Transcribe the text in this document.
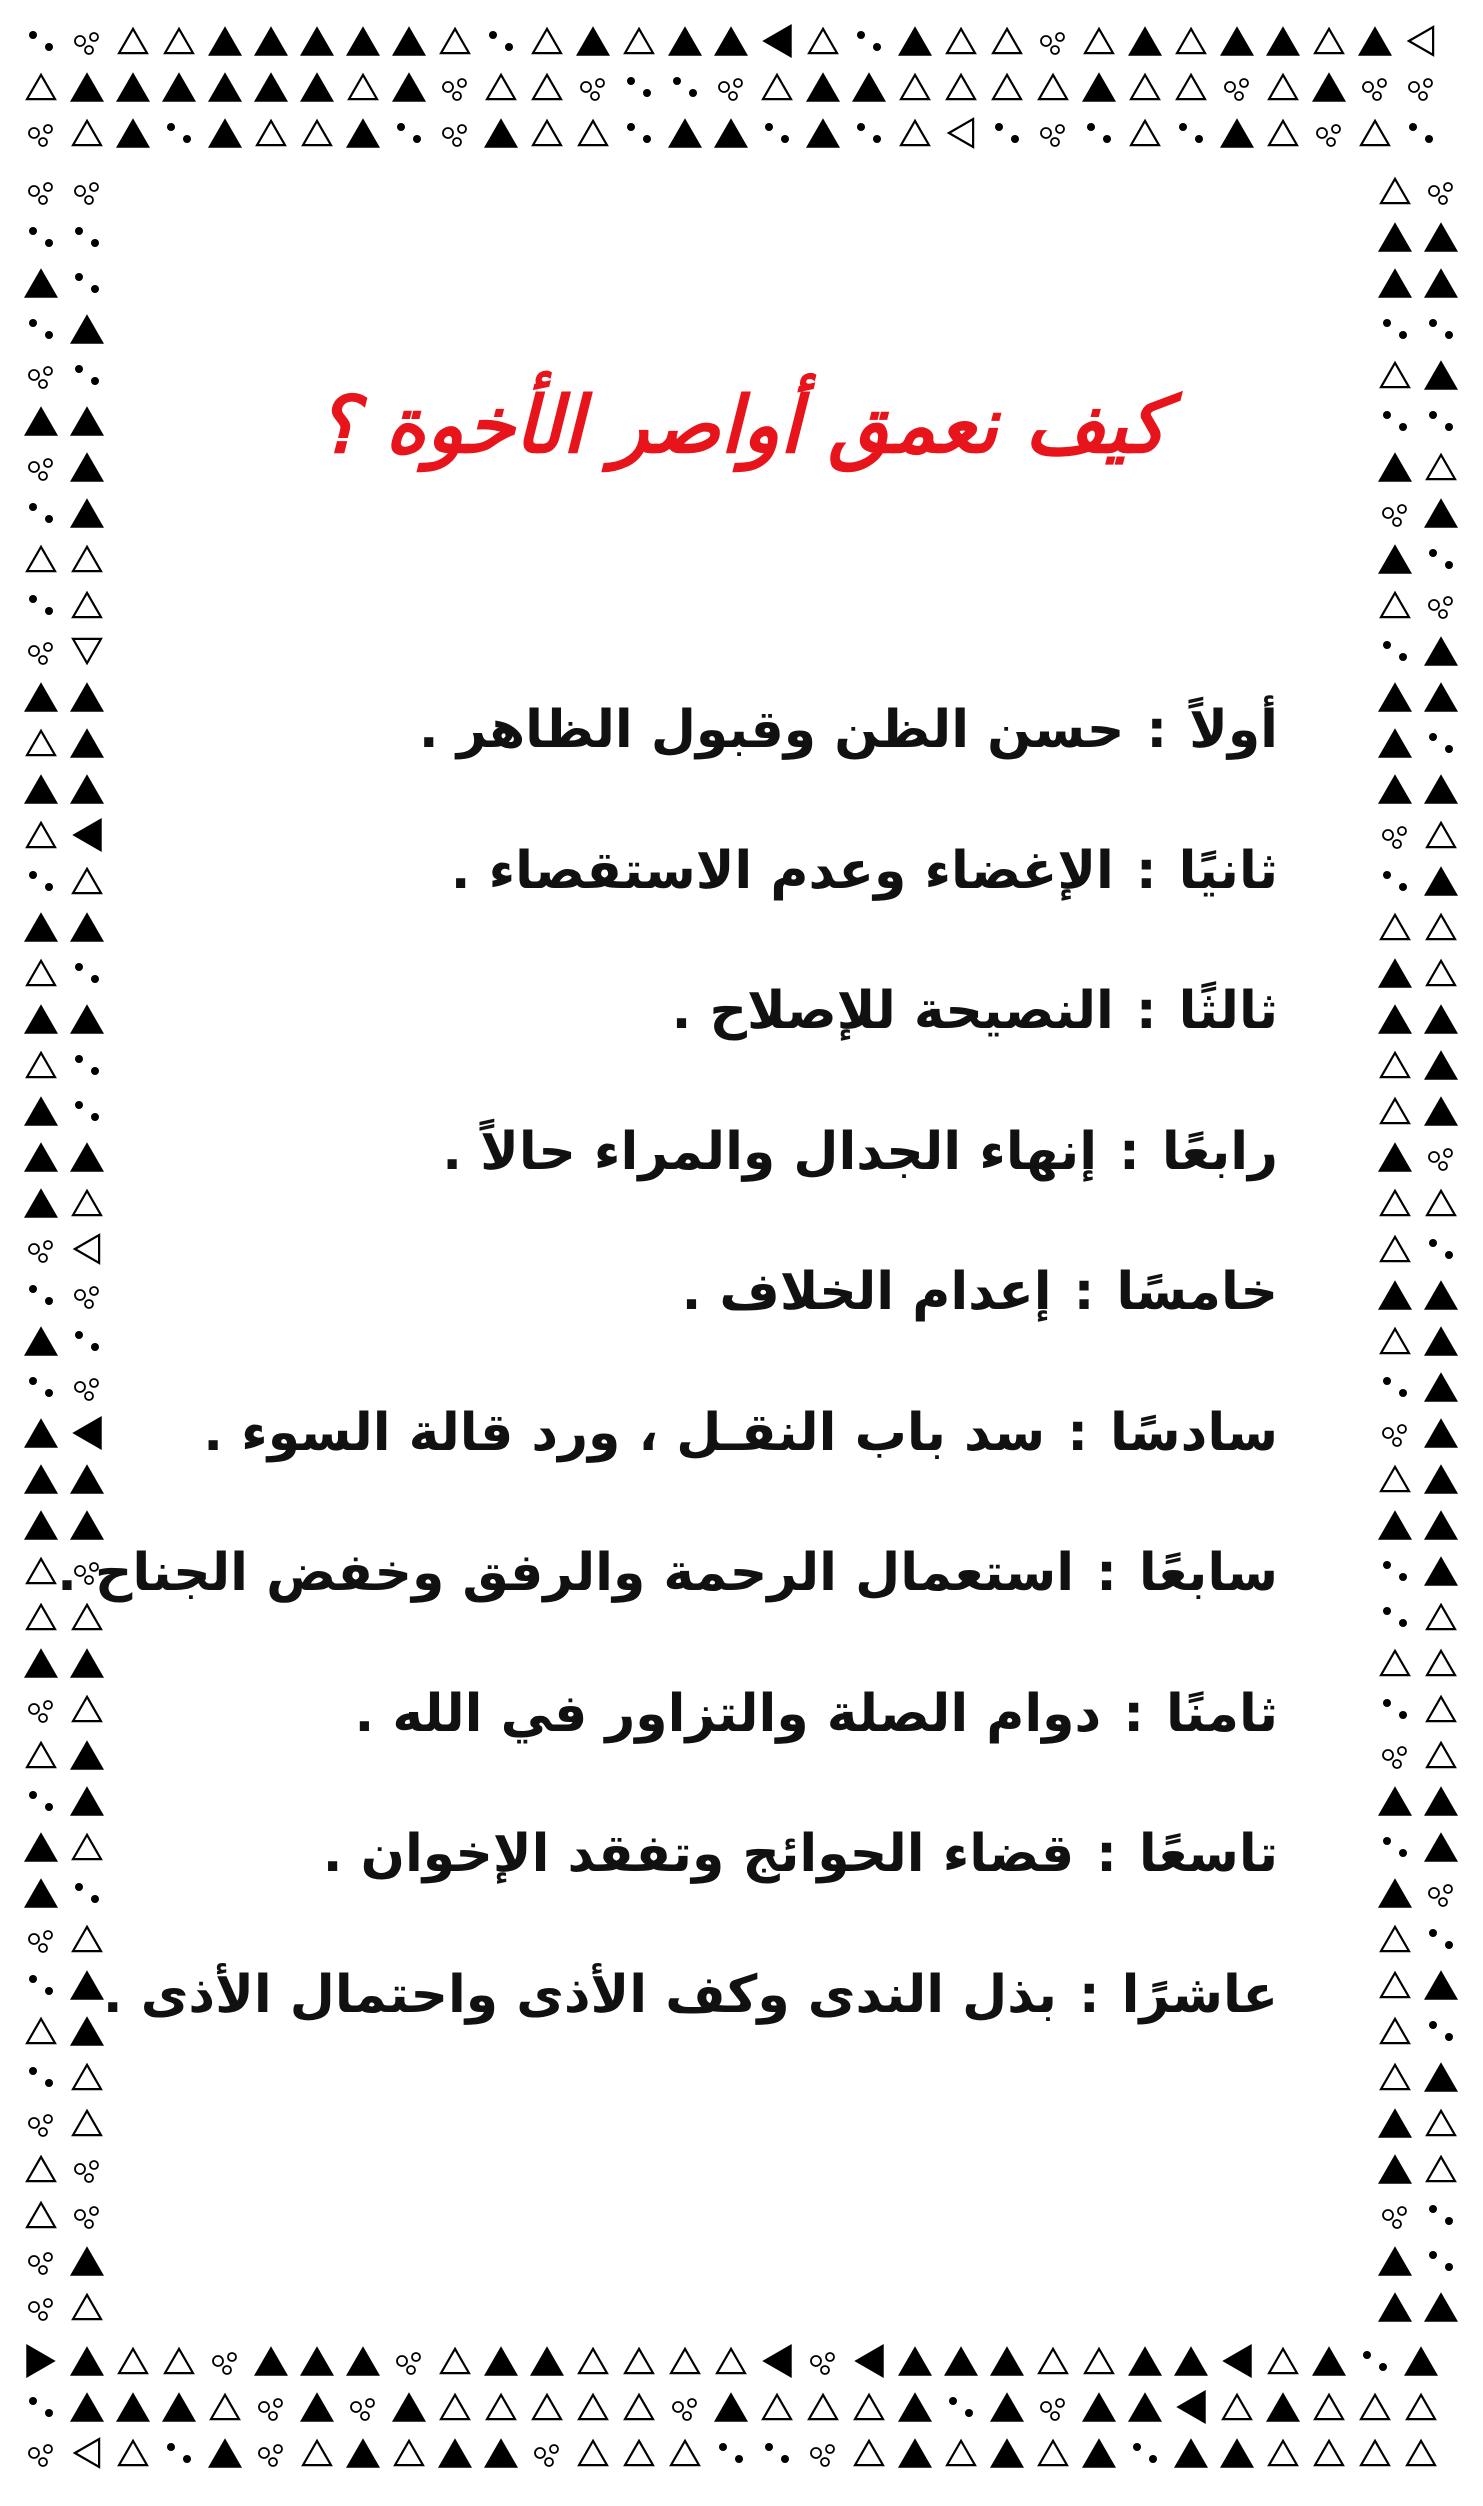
كيف نعمق أواصر الأخوة ؟
أولاً
:
حسن الظن وقبول الظاهر .
ثانيًا
:
الإغضاء وعدم الاستقصاء .
ثالثًا
:
النصيحة للإصلاح .
رابعًا
:
إنهاء الجدال والمراء حالاً .
خامسًا
:
إعدام الخلاف .
سادسًا
:
سد باب النقـل ، ورد قالة السوء .
سابعًا
:
استعمال الرحمة والرفق وخفض الجناح .
ثامنًا
:
دوام الصلة والتزاور في الله .
تاسعًا
:
قضاء الحوائج وتفقد الإخوان .
عاشرًا
:
بذل الندى وكف الأذى واحتمال الأذى .
